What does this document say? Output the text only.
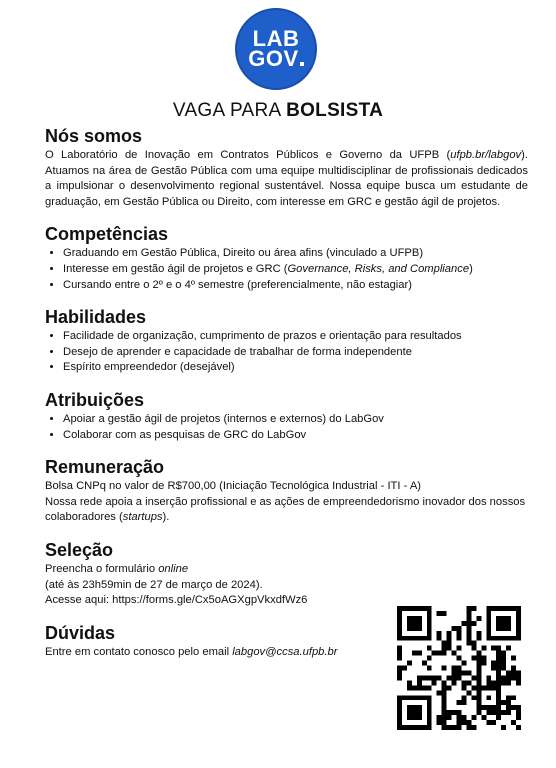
LAB
GOV
VAGA PARA BOLSISTA
Nós somos

O Laboratório de Inovação em Contratos Públicos e Governo da UFPB (ufpb.br/labgov). Atuamos na área de Gestão Pública com uma equipe multidisciplinar de profissionais dedicados a impulsionar o desenvolvimento regional sustentável. Nossa equipe busca um estudante de graduação, em Gestão Pública ou Direito, com interesse em GRC e gestão ágil de projetos.

Competências
• Graduando em Gestão Pública, Direito ou área afins (vinculado a UFPB)
• Interesse em gestão ágil de projetos e GRC (Governance, Risks, and Compliance)
• Cursando entre o 2º e o 4º semestre (preferencialmente, não estagiar)
Habilidades
• Facilidade de organização, cumprimento de prazos e orientação para resultados
• Desejo de aprender e capacidade de trabalhar de forma independente
• Espírito empreendedor (desejável)
Atribuições
• Apoiar a gestão ágil de projetos (internos e externos) do LabGov
• Colaborar com as pesquisas de GRC do LabGov
Remuneração

Bolsa CNPq no valor de R$700,00 (Iniciação Tecnológica Industrial - ITI - A)

Nossa rede apoia a inserção profissional e as ações de empreendedorismo inovador dos nossos colaboradores (startups).

Seleção

Preencha o formulário online

(até às 23h59min de 27 de março de 2024).

Acesse aqui: https://forms.gle/Cx5oAGXgpVkxdfWz6

Dúvidas

Entre em contato conosco pelo email labgov@ccsa.ufpb.br
